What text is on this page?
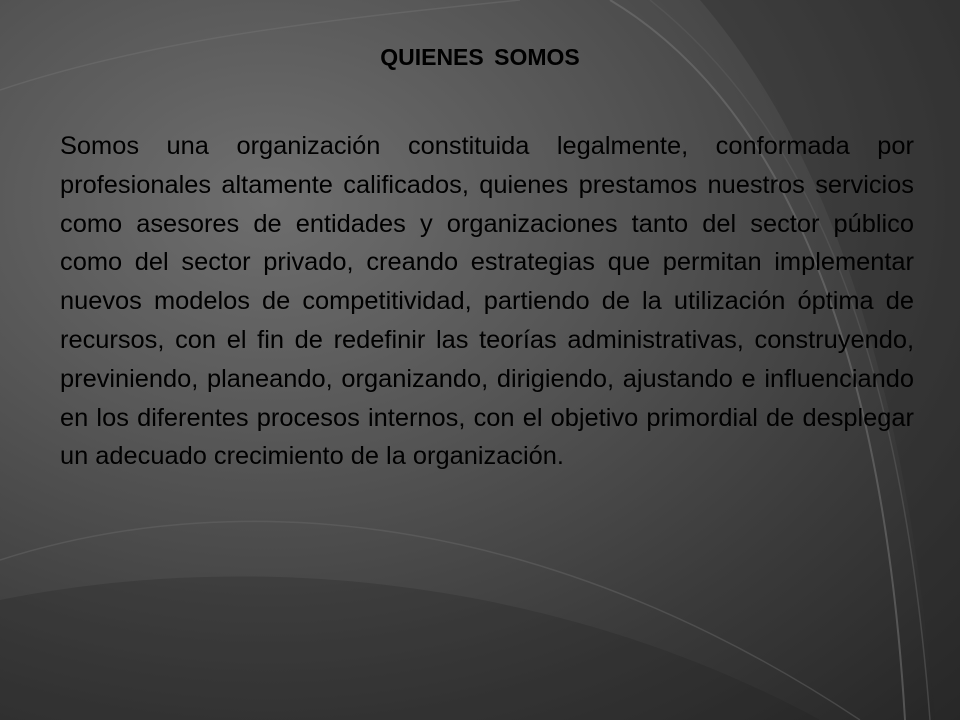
QUIENES SOMOS

Somos una organización constituida legalmente, conformada por profesionales altamente calificados, quienes prestamos nuestros servicios como asesores de entidades y organizaciones tanto del sector público como del sector privado, creando estrategias que permitan implementar nuevos modelos de competitividad, partiendo de la utilización óptima de recursos, con el fin de redefinir las teorías administrativas, construyendo, previniendo, planeando, organizando, dirigiendo, ajustando e influenciando en los diferentes procesos internos, con el objetivo primordial de desplegar un adecuado crecimiento de la organización.
